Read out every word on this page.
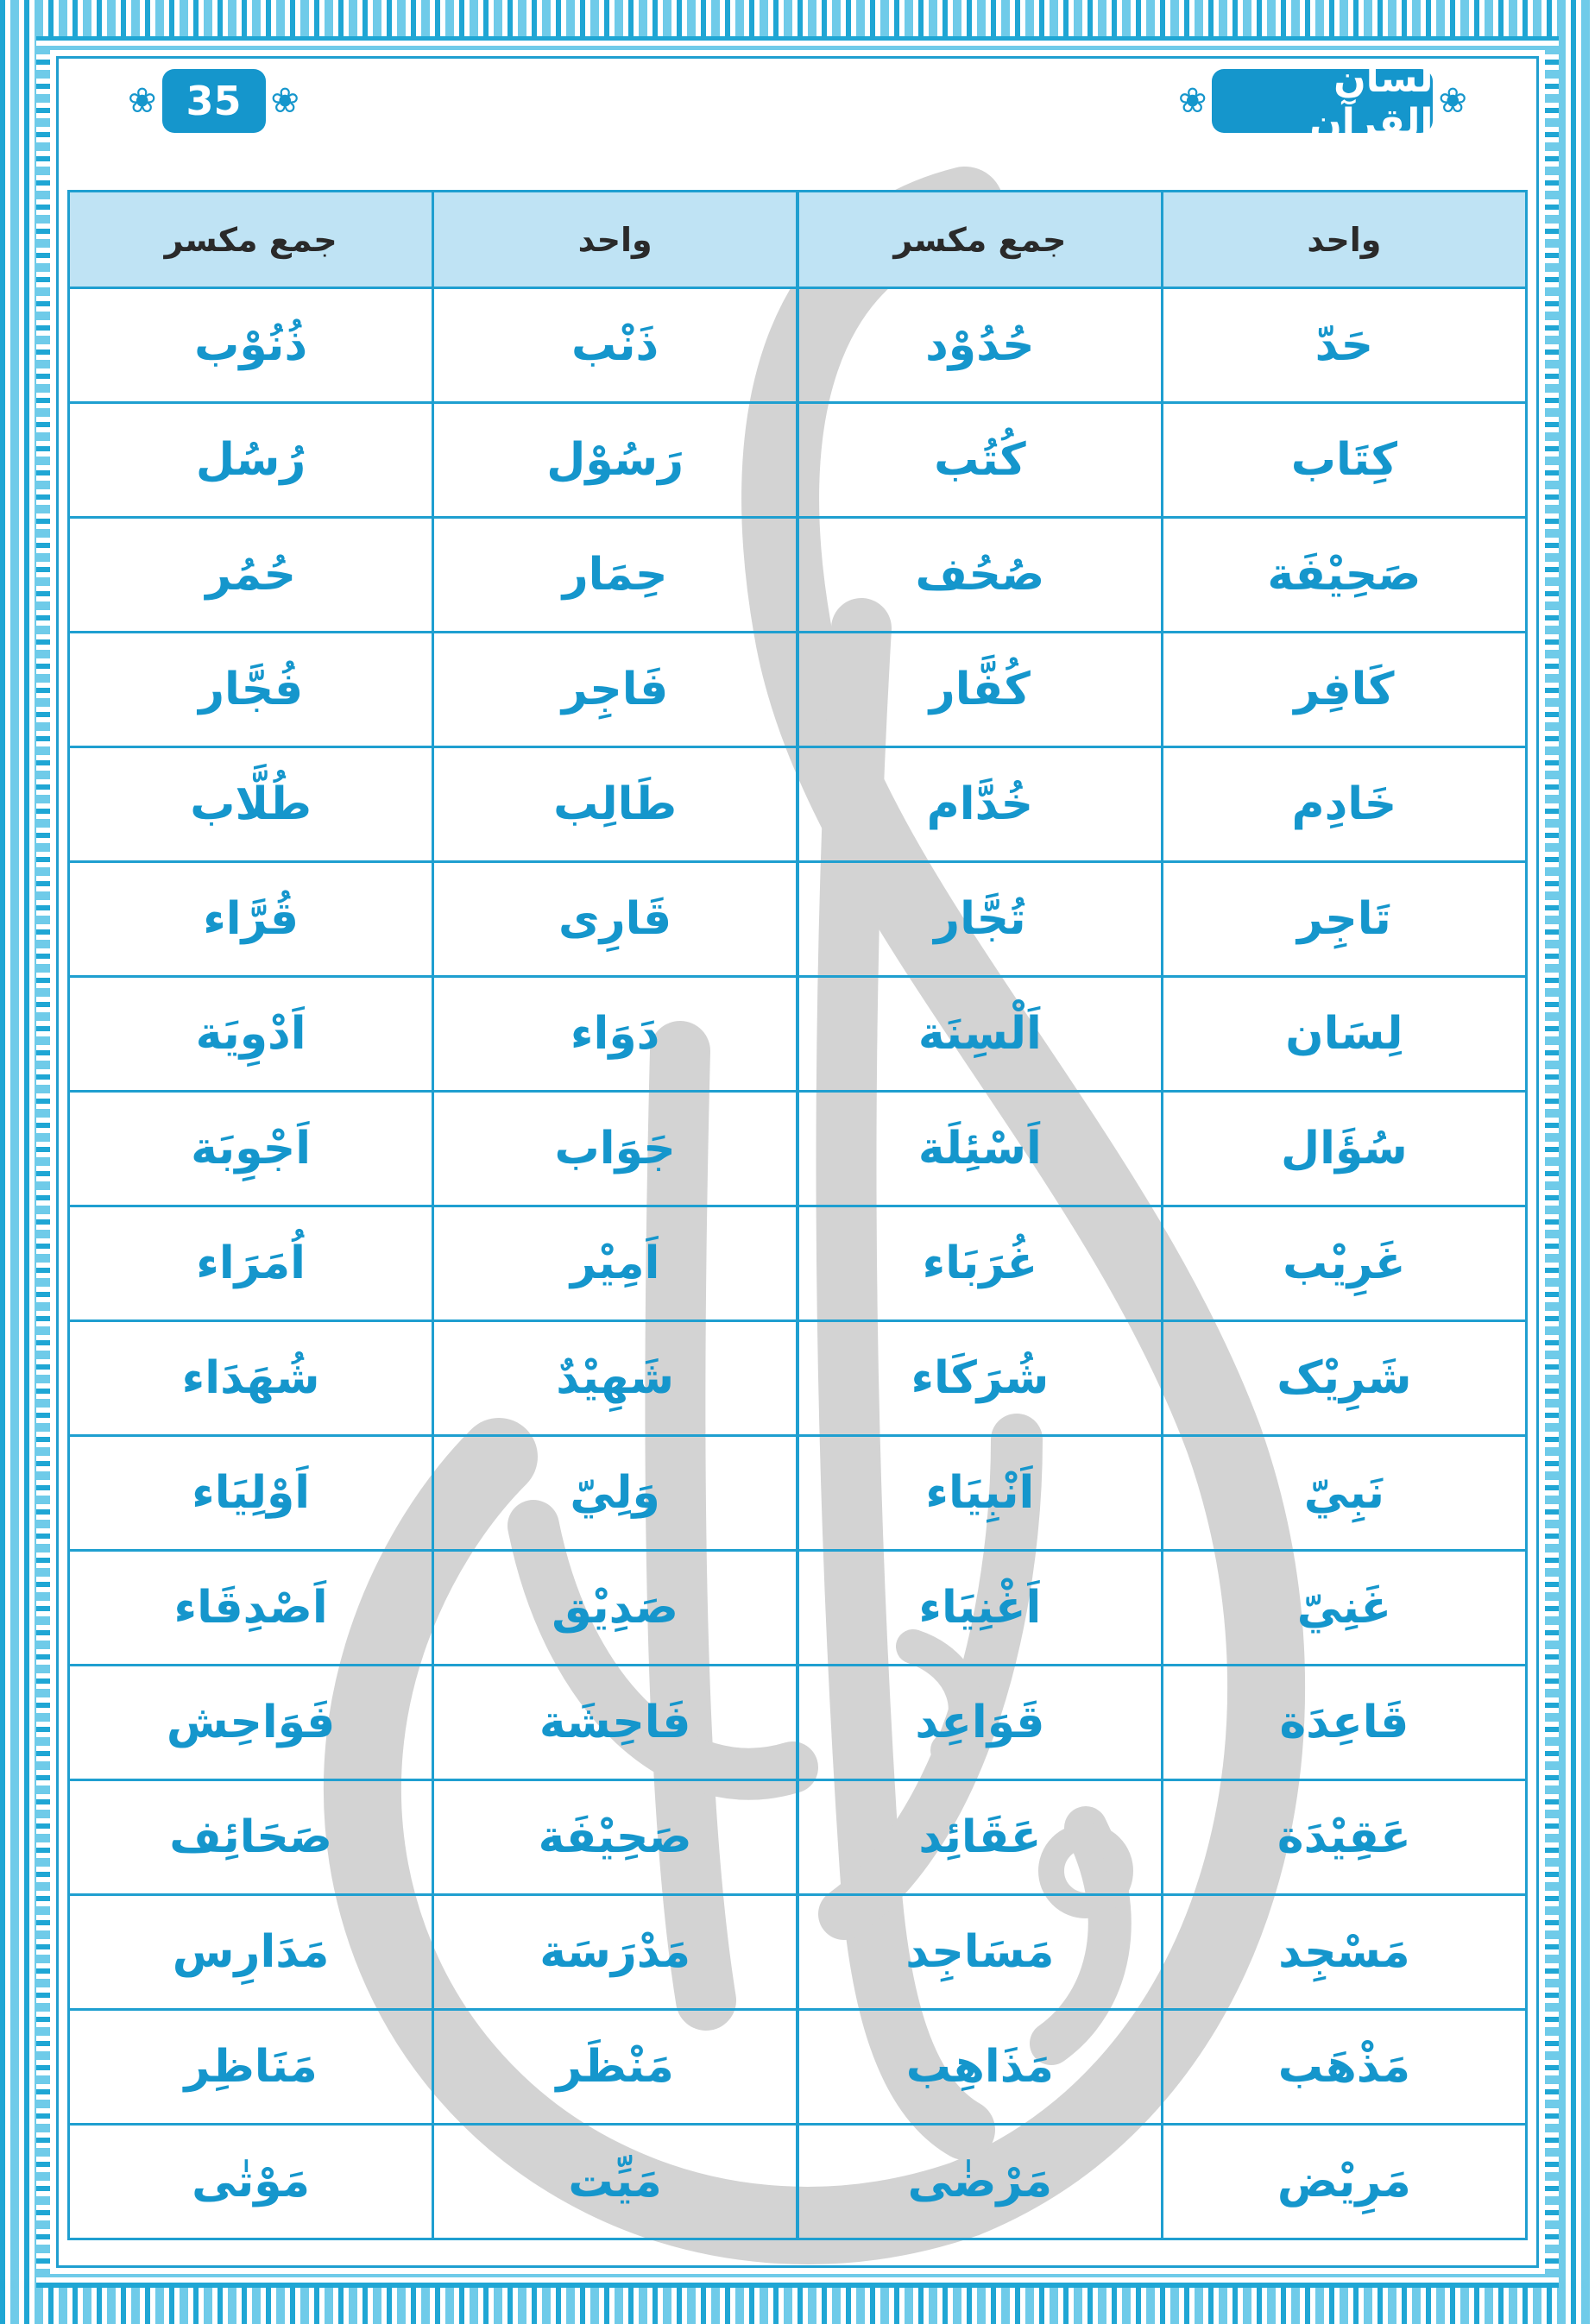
❀ 35 ❀	❀	لسان القرآن ❀
واحد	جمع مکسر	واحد	جمع مکسر
حَدّ	حُدُوْد	ذَنْب	ذُنُوْب
كِتَاب	كُتُب	رَسُوْل	رُسُل
صَحِيْفَة	صُحُف	حِمَار	حُمُر
كَافِر	كُفَّار	فَاجِر	فُجَّار
خَادِم	خُدَّام	طَالِب	طُلَّاب
تَاجِر	تُجَّار	قَارِى	قُرَّاء
لِسَان	اَلْسِنَة	دَوَاء	اَدْوِيَة
سُؤَال	اَسْئِلَة	جَوَاب	اَجْوِبَة
غَرِيْب	غُرَبَاء	اَمِيْر	اُمَرَاء
شَرِيْک	شُرَكَاء	شَهِيْدٌ	شُهَدَاء
نَبِيّ	اَنْبِيَاء	وَلِيّ	اَوْلِيَاء
غَنِيّ	اَغْنِيَاء	صَدِيْق	اَصْدِقَاء
قَاعِدَة	قَوَاعِد	فَاحِشَة	فَوَاحِش
عَقِيْدَة	عَقَائِد	صَحِيْفَة	صَحَائِف
مَسْجِد	مَسَاجِد	مَدْرَسَة	مَدَارِس
مَذْهَب	مَذَاهِب	مَنْظَر	مَنَاظِر
مَرِيْض	مَرْضٰى	مَيِّت	مَوْتٰى
